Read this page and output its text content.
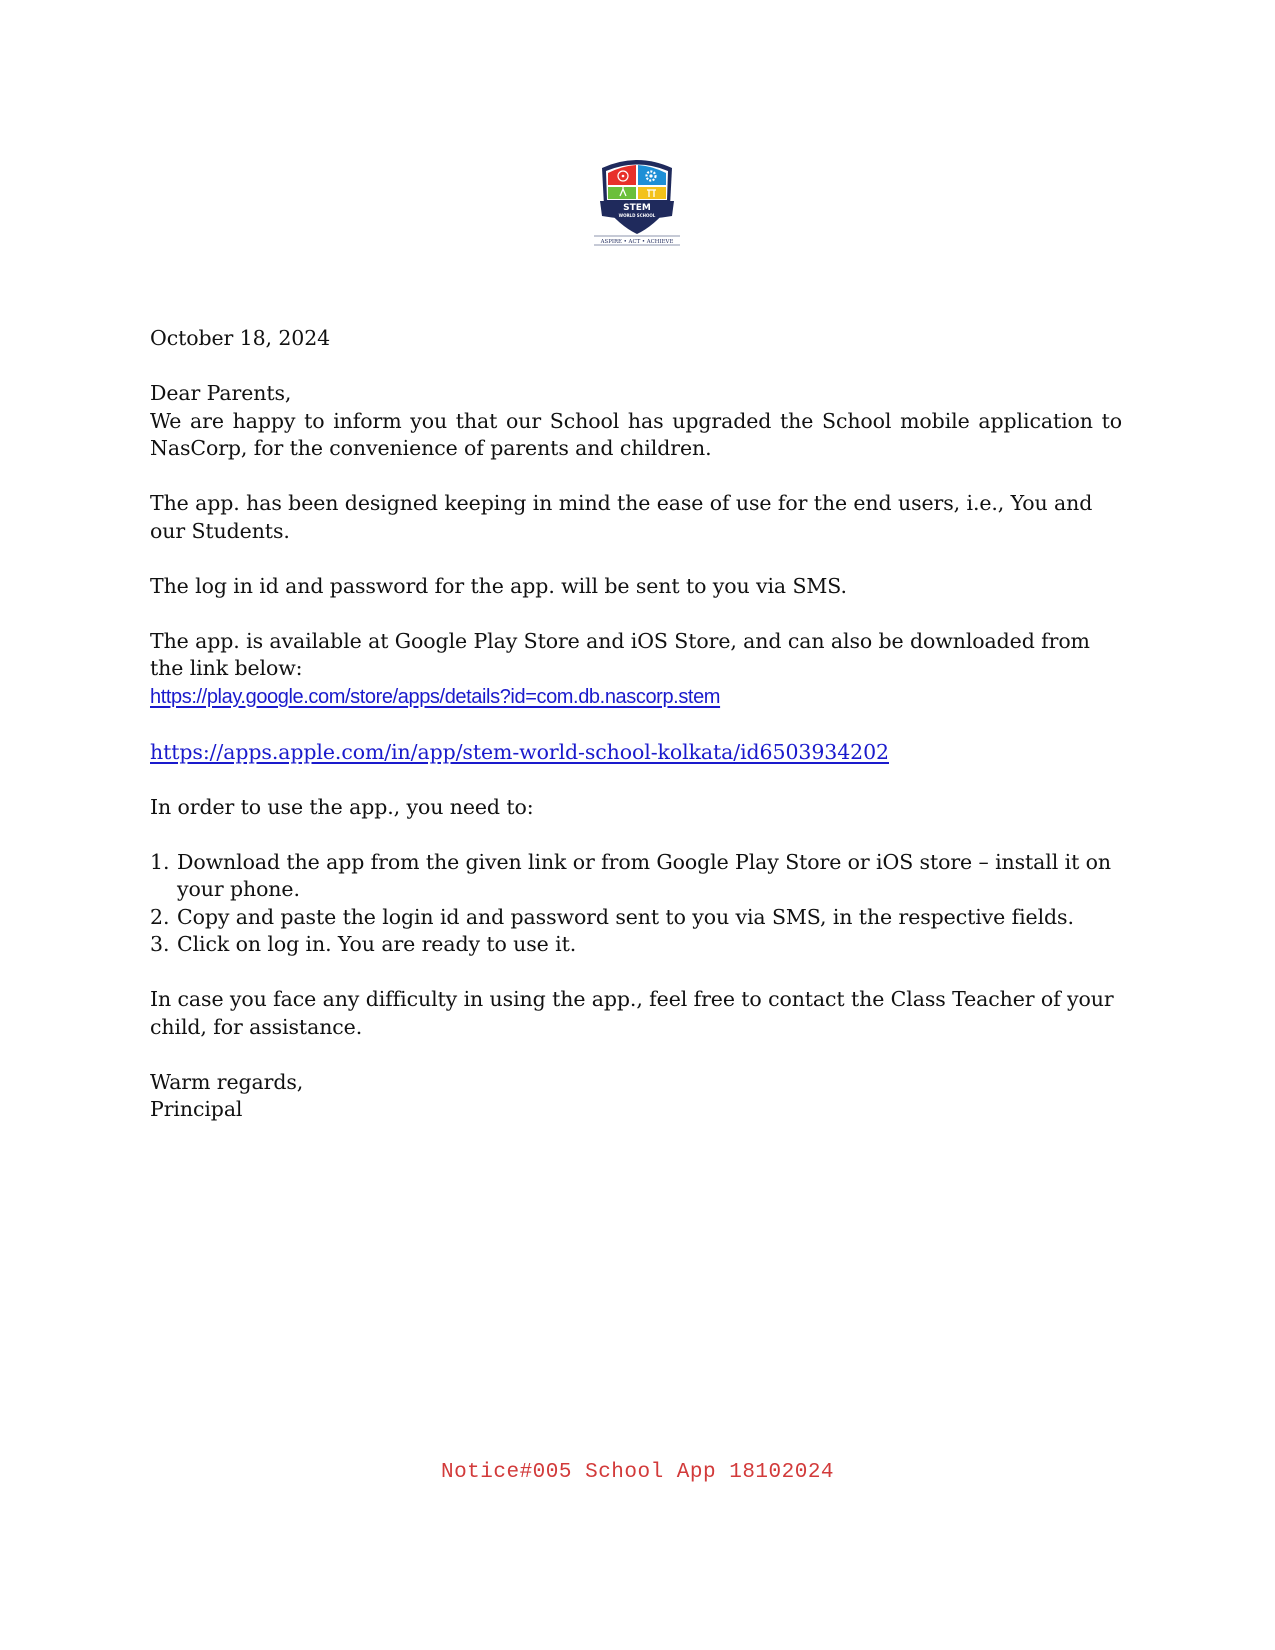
STEM
WORLD SCHOOL
ASPIRE • ACT • ACHIEVE

October 18, 2024

Dear Parents,

We are happy to inform you that our School has upgraded the School mobile application to NasCorp, for the convenience of parents and children.

The app. has been designed keeping in mind the ease of use for the end users, i.e., You and our Students.

The log in id and password for the app. will be sent to you via SMS.

The app. is available at Google Play Store and iOS Store, and can also be downloaded from the link below:

https://play.google.com/store/apps/details?id=com.db.nascorp.stem

https://apps.apple.com/in/app/stem-world-school-kolkata/id6503934202

In order to use the app., you need to:

1. Download the app from the given link or from Google Play Store or iOS store – install it on your phone.
2. Copy and paste the login id and password sent to you via SMS, in the respective fields.
3. Click on log in. You are ready to use it.

In case you face any difficulty in using the app., feel free to contact the Class Teacher of your child, for assistance.

Warm regards,

Principal

Notice#005 School App 18102024
